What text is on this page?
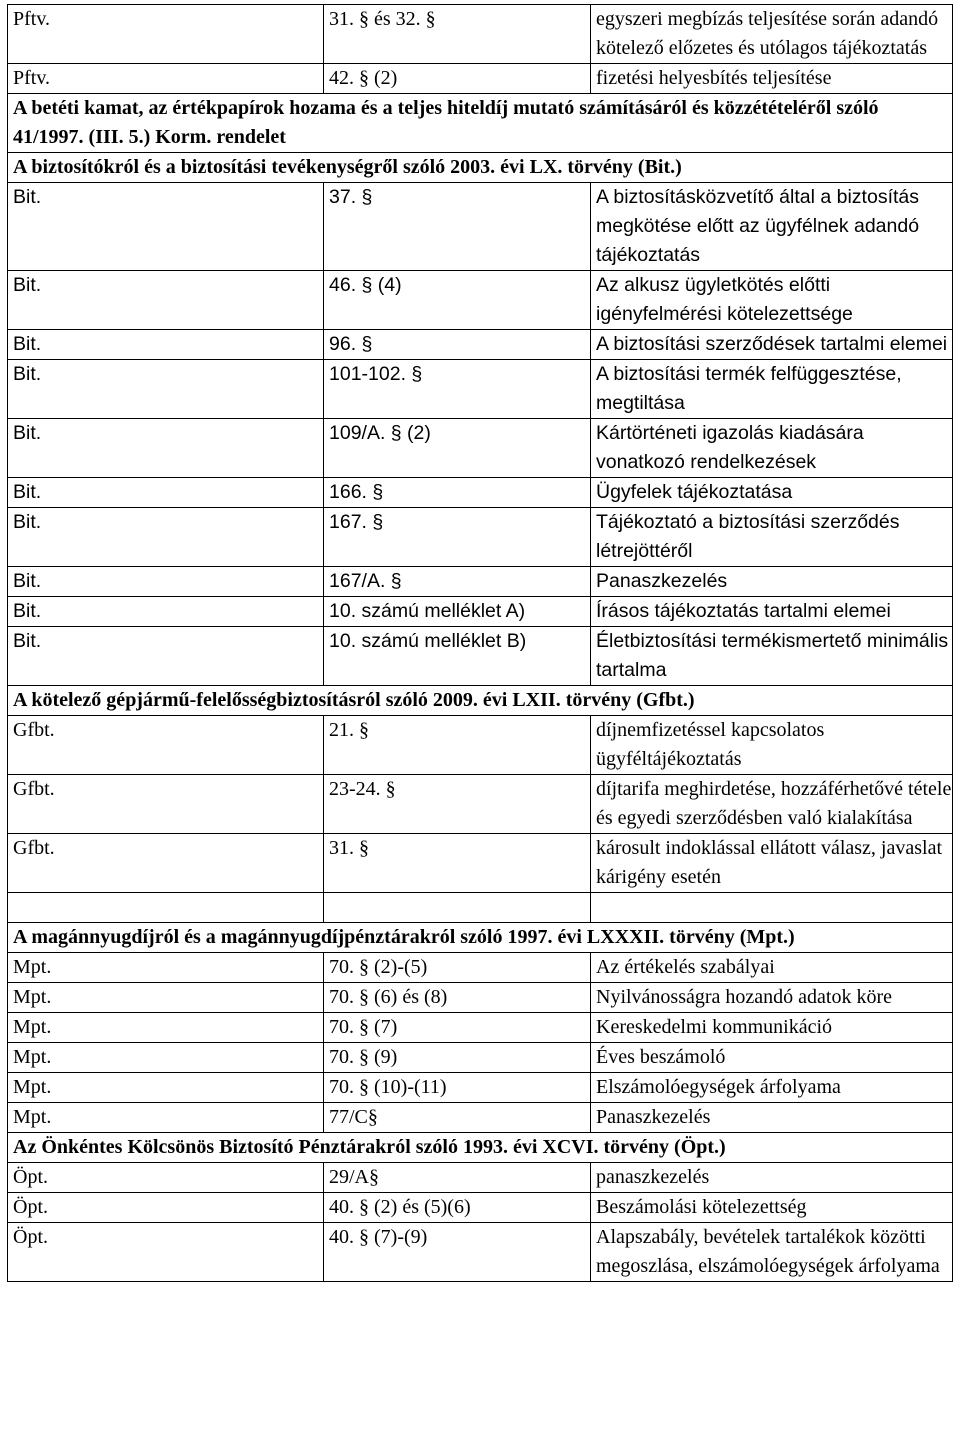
Pftv.	31. § és 32. §	egyszeri megbízás teljesítése során adandó kötelező előzetes és utólagos tájékoztatás
Pftv.	42. § (2)	fizetési helyesbítés teljesítése
A betéti kamat, az értékpapírok hozama és a teljes hiteldíj mutató számításáról és közzétételéről szóló 41/1997. (III. 5.) Korm. rendelet		
A biztosítókról és a biztosítási tevékenységről szóló 2003. évi LX. törvény (Bit.)		
Bit.	37. §	A biztosításközvetítő által a biztosítás megkötése előtt az ügyfélnek adandó tájékoztatás
Bit.	46. § (4)	Az alkusz ügyletkötés előtti igényfelmérési kötelezettsége
Bit.	96. §	A biztosítási szerződések tartalmi elemei
Bit.	101-102. §	A biztosítási termék felfüggesztése, megtiltása
Bit.	109/A. § (2)	Kártörténeti igazolás kiadására vonatkozó rendelkezések
Bit.	166. §	Ügyfelek tájékoztatása
Bit.	167. §	Tájékoztató a biztosítási szerződés létrejöttéről
Bit.	167/A. §	Panaszkezelés
Bit.	10. számú melléklet A)	Írásos tájékoztatás tartalmi elemei
Bit.	10. számú melléklet B)	Életbiztosítási termékismertető minimális tartalma
A kötelező gépjármű-felelősségbiztosításról szóló 2009. évi LXII. törvény (Gfbt.)		
Gfbt.	21. §	díjnemfizetéssel kapcsolatos ügyféltájékoztatás
Gfbt.	23-24. §	díjtarifa meghirdetése, hozzáférhetővé tétele és egyedi szerződésben való kialakítása
Gfbt.	31. §	károsult indoklással ellátott válasz, javaslat kárigény esetén

A magánnyugdíjról és a magánnyugdíjpénztárakról szóló 1997. évi LXXXII. törvény (Mpt.)		
Mpt.	70. § (2)-(5)	Az értékelés szabályai
Mpt.	70. § (6) és (8)	Nyilvánosságra hozandó adatok köre
Mpt.	70. § (7)	Kereskedelmi kommunikáció
Mpt.	70. § (9)	Éves beszámoló
Mpt.	70. § (10)-(11)	Elszámolóegységek árfolyama
Mpt.	77/C§	Panaszkezelés
Az Önkéntes Kölcsönös Biztosító Pénztárakról szóló 1993. évi XCVI. törvény (Öpt.)		
Öpt.	29/A§	panaszkezelés
Öpt.	40. § (2) és (5)(6)	Beszámolási kötelezettség
Öpt.	40. § (7)-(9)	Alapszabály, bevételek tartalékok közötti megoszlása, elszámolóegységek árfolyama
